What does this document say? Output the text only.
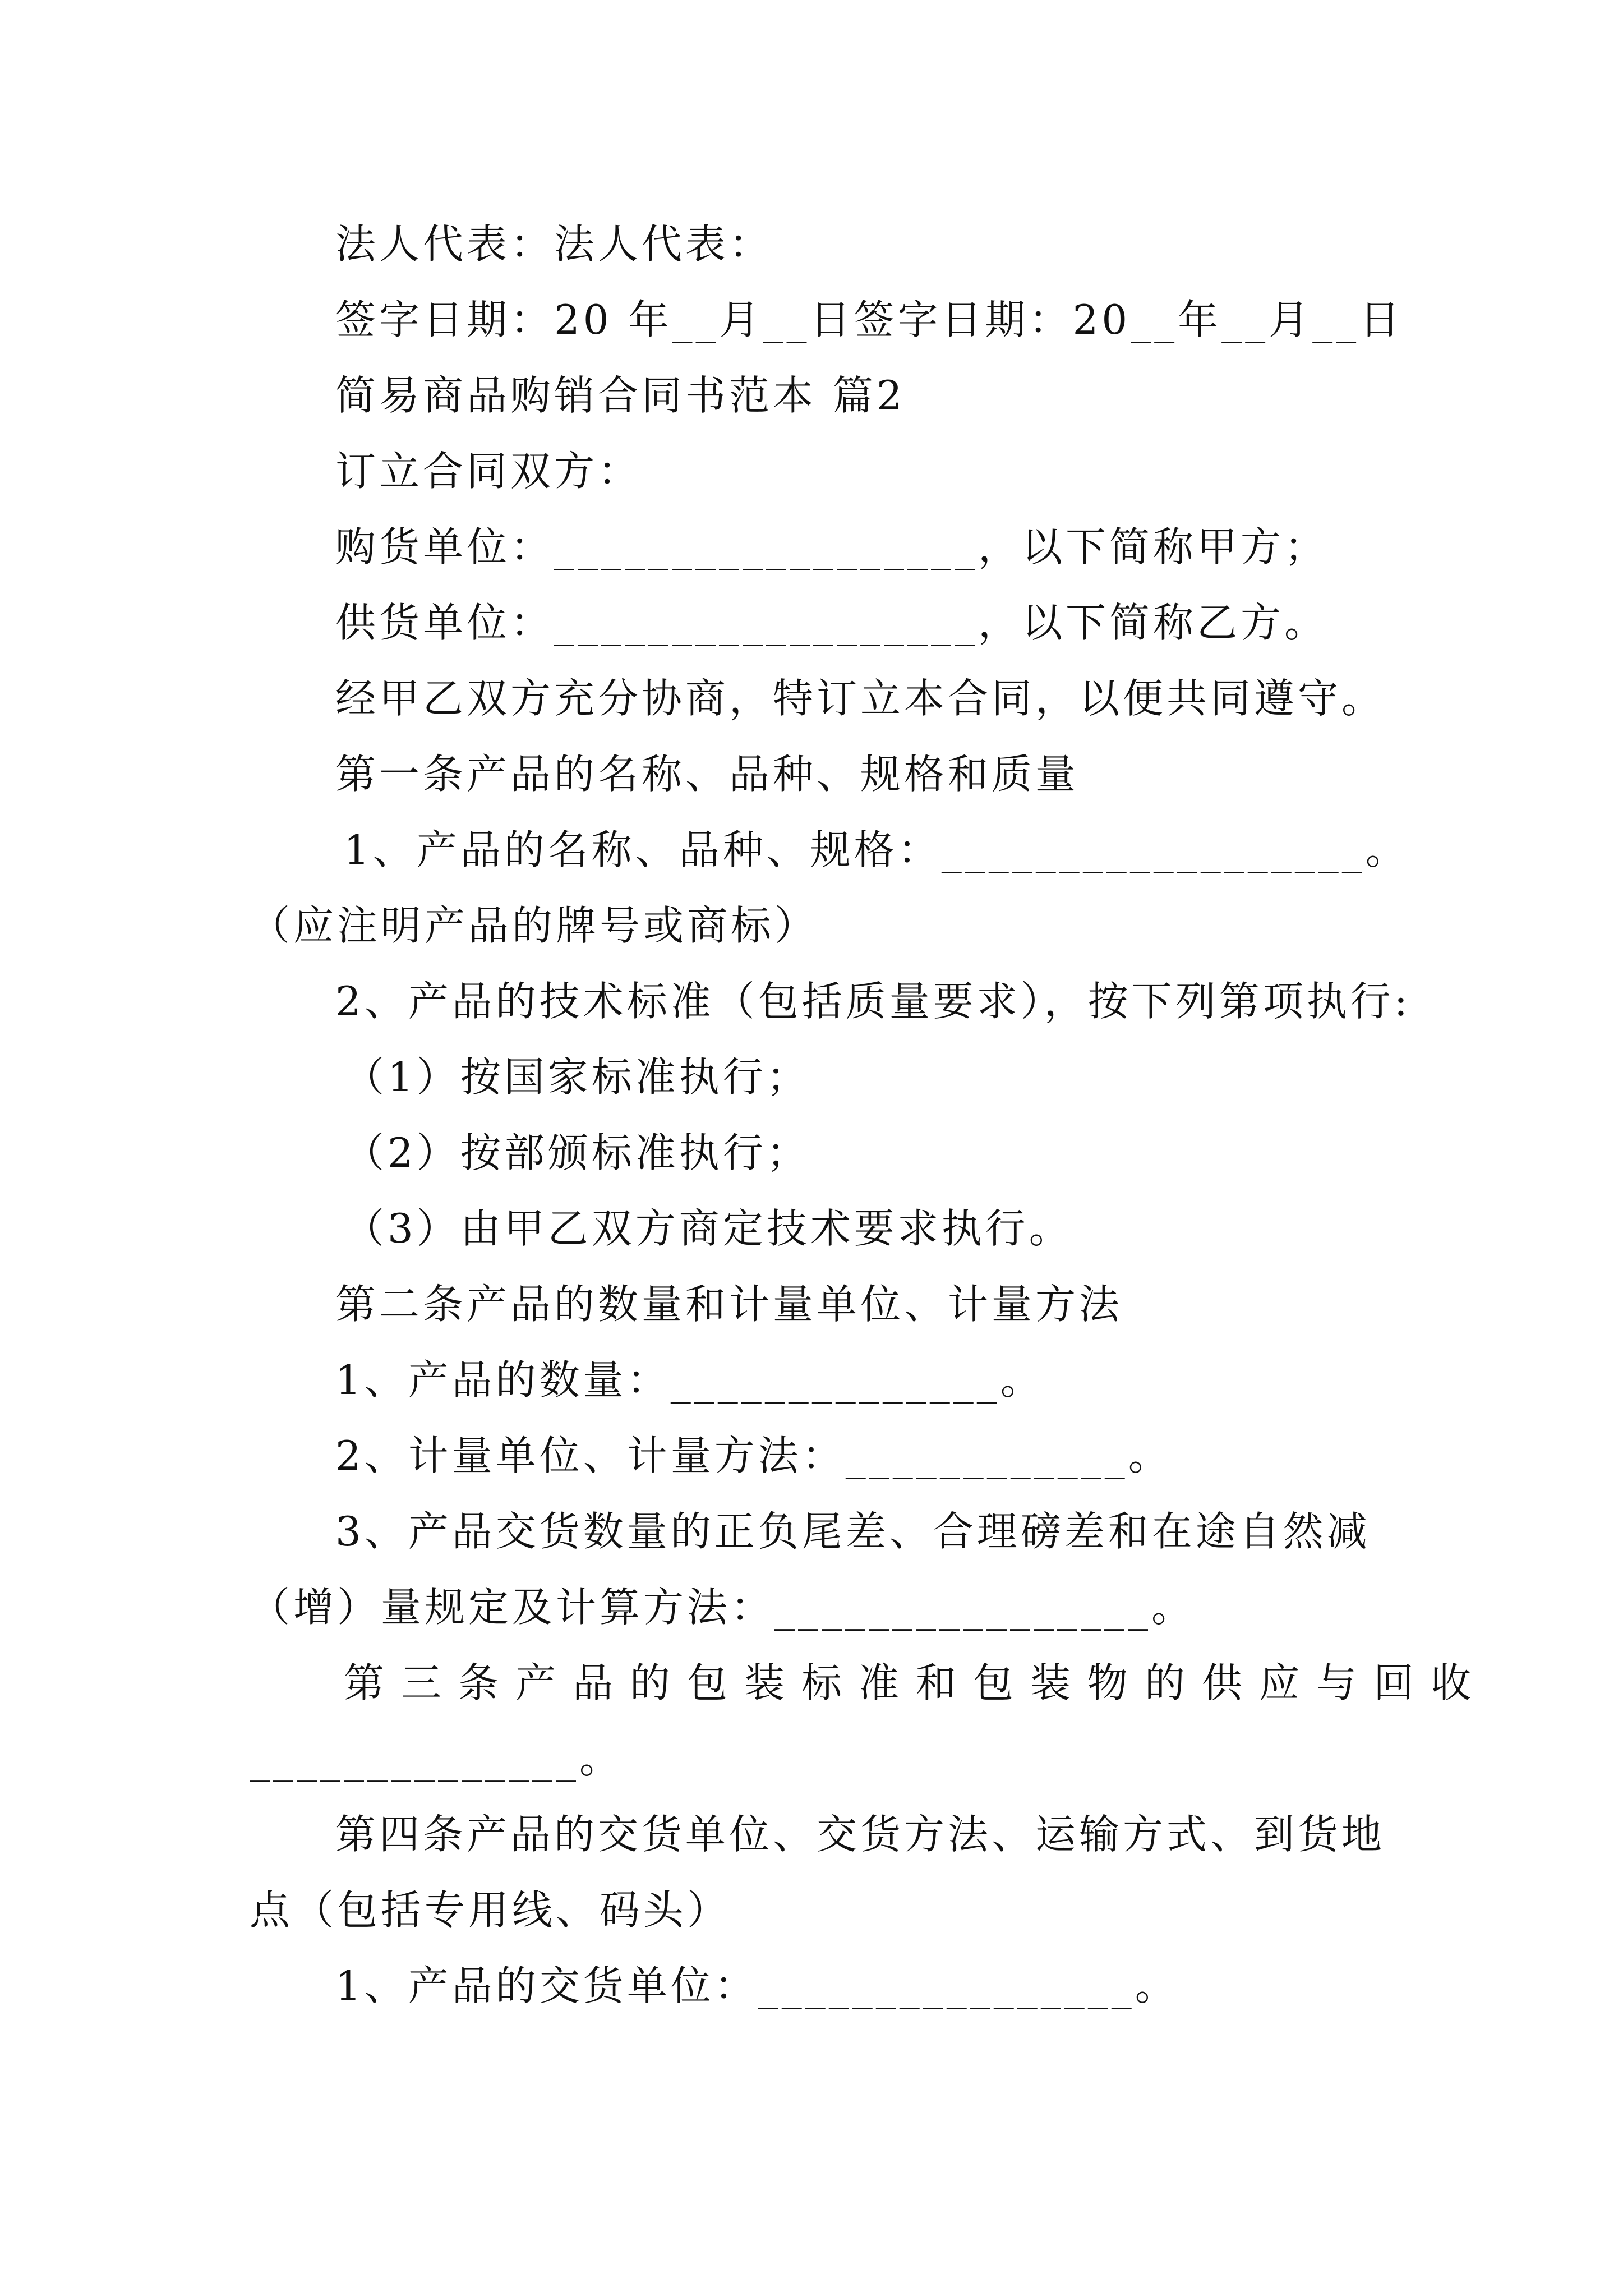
法人代表：法人代表：
签字日期：20 年__月__日签字日期：20__年__月__日
简易商品购销合同书范本 篇2
订立合同双方：
购货单位：__________________，以下简称甲方；
供货单位：__________________，以下简称乙方。
经甲乙双方充分协商，特订立本合同，以便共同遵守。
第一条产品的名称、品种、规格和质量
1、产品的名称、品种、规格：__________________。
（应注明产品的牌号或商标）
2、产品的技术标准（包括质量要求），按下列第项执行:
（1）按国家标准执行；
（2）按部颁标准执行；
（3）由甲乙双方商定技术要求执行。
第二条产品的数量和计量单位、计量方法
1、产品的数量：______________。
2、计量单位、计量方法：____________。
3、产品交货数量的正负尾差、合理磅差和在途自然减
（增）量规定及计算方法：________________。
第三条产品的包装标准和包装物的供应与回收
______________。
第四条产品的交货单位、交货方法、运输方式、到货地
点（包括专用线、码头）
1、产品的交货单位：________________。
